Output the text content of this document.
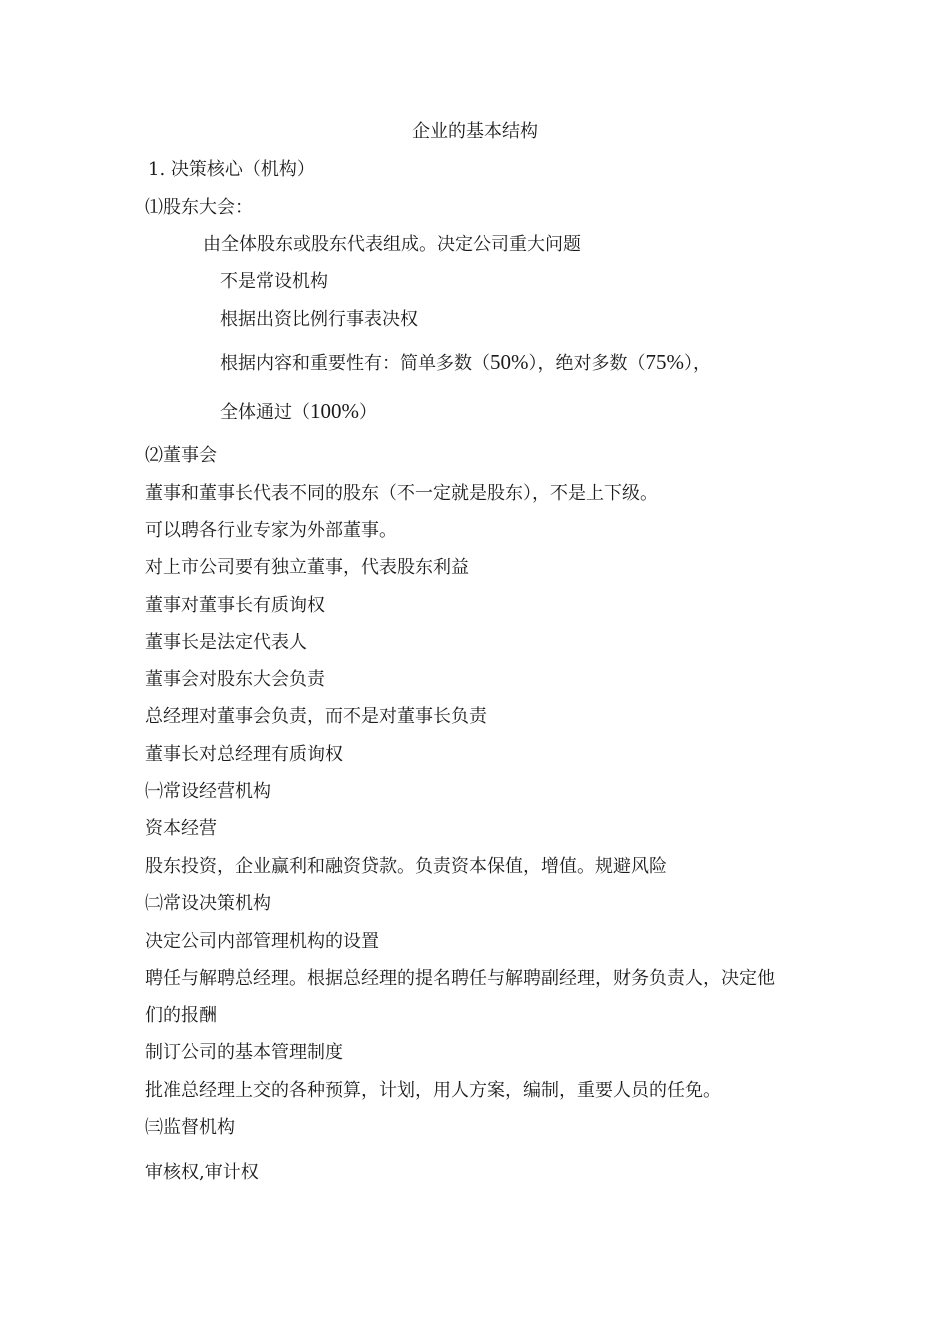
企业的基本结构
1. 决策核心（机构）
⑴股东大会：
由全体股东或股东代表组成。决定公司重大问题
不是常设机构
根据出资比例行事表决权
根据内容和重要性有：简单多数（50%），绝对多数（75%），
全体通过（100%）
⑵董事会
董事和董事长代表不同的股东（不一定就是股东），不是上下级。
可以聘各行业专家为外部董事。
对上市公司要有独立董事，代表股东利益
董事对董事长有质询权
董事长是法定代表人
董事会对股东大会负责
总经理对董事会负责，而不是对董事长负责
董事长对总经理有质询权
㈠常设经营机构
资本经营
股东投资，企业赢利和融资贷款。负责资本保值，增值。规避风险
㈡常设决策机构
决定公司内部管理机构的设置
聘任与解聘总经理。根据总经理的提名聘任与解聘副经理，财务负责人，决定他
们的报酬
制订公司的基本管理制度
批准总经理上交的各种预算，计划，用人方案，编制，重要人员的任免。
㈢监督机构
审核权,审计权
